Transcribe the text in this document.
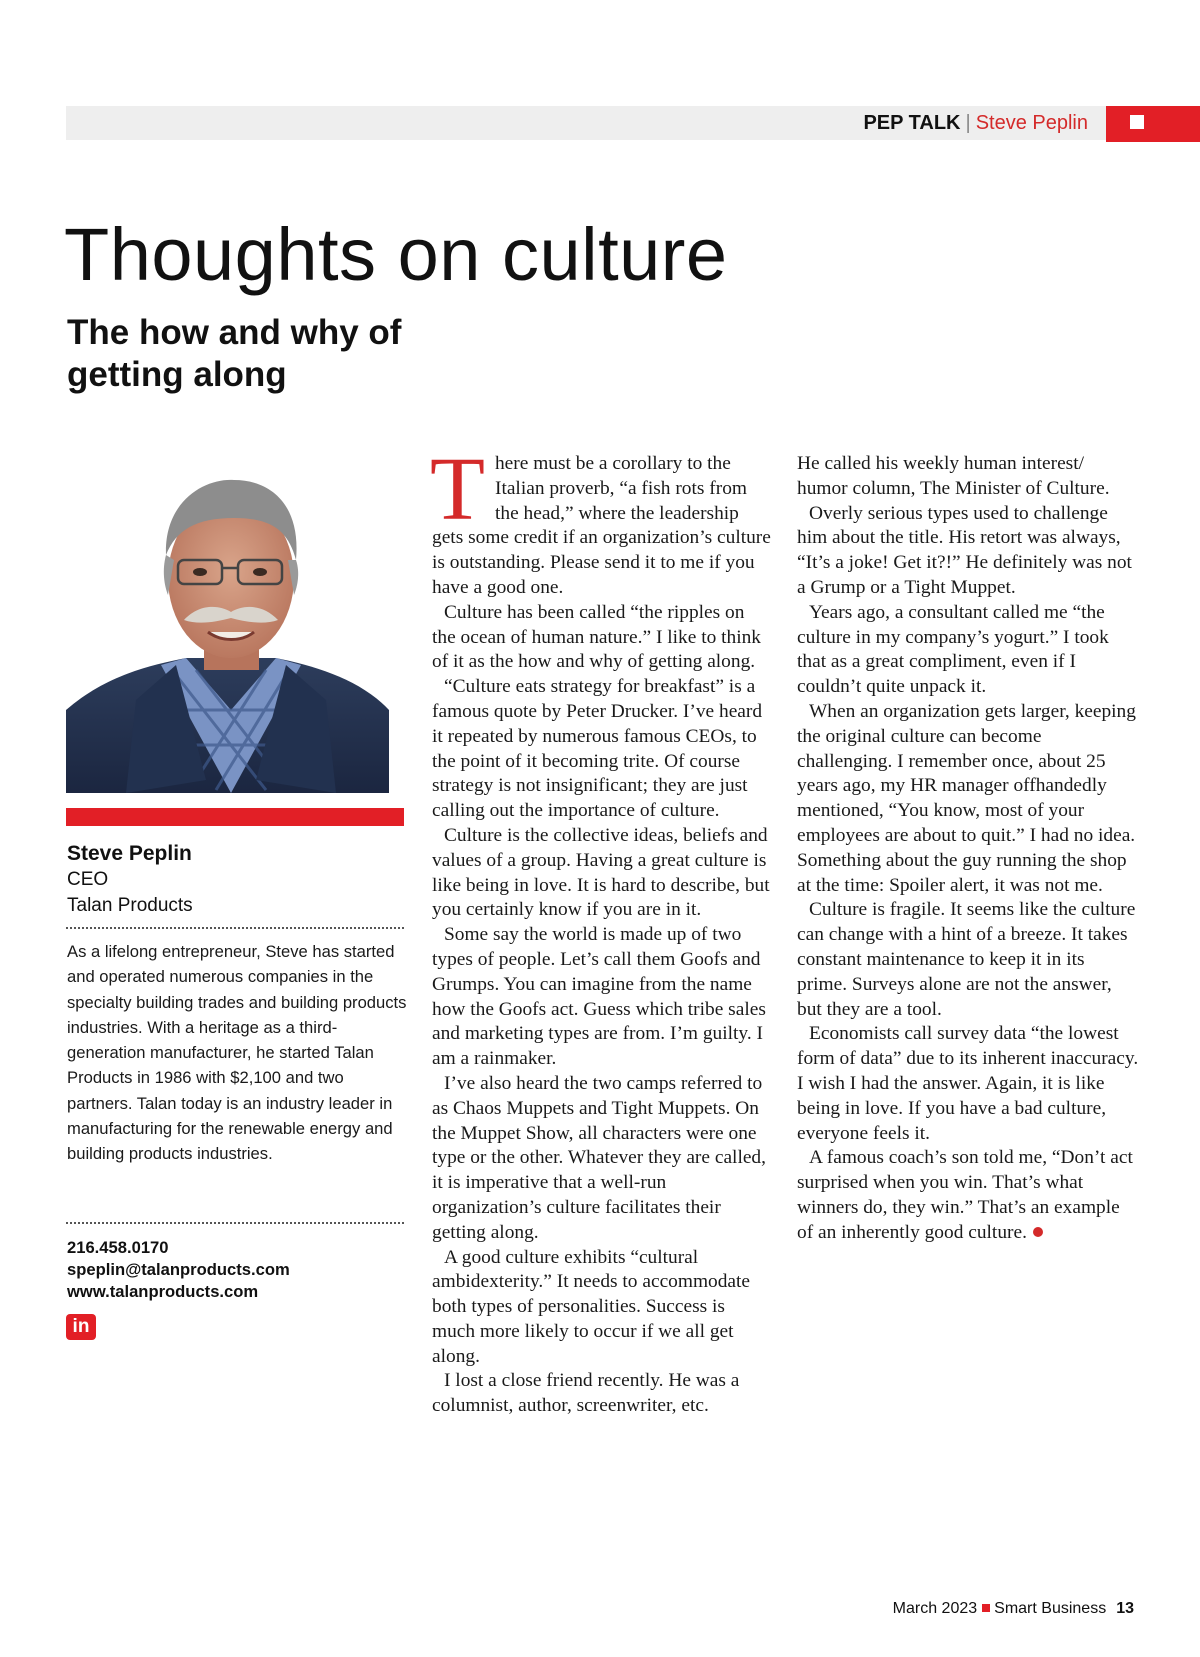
PEP TALK | Steve Peplin
Thoughts on culture
The how and why of getting along
Steve Peplin
CEO
Talan Products

As a lifelong entrepreneur, Steve has started and operated numerous companies in the specialty building trades and building products industries. With a heritage as a third-generation manufacturer, he started Talan Products in 1986 with $2,100 and two partners. Talan today is an industry leader in manufacturing for the renewable energy and building products industries.

216.458.0170
speplin@talanproducts.com
www.talanproducts.com
in
T here must be a corollary to the Italian proverb, “a fish rots from the head,” where the leadership gets some credit if an organization’s culture is outstanding. Please send it to me if you have a good one.

Culture has been called “the ripples on the ocean of human nature.” I like to think of it as the how and why of getting along.

“Culture eats strategy for breakfast” is a famous quote by Peter Drucker. I’ve heard it repeated by numerous famous CEOs, to the point of it becoming trite. Of course strategy is not insignificant; they are just calling out the importance of culture.

Culture is the collective ideas, beliefs and values of a group. Having a great culture is like being in love. It is hard to describe, but you certainly know if you are in it.

Some say the world is made up of two types of people. Let’s call them Goofs and Grumps. You can imagine from the name how the Goofs act. Guess which tribe sales and marketing types are from. I’m guilty. I am a rainmaker.

I’ve also heard the two camps referred to as Chaos Muppets and Tight Muppets. On the Muppet Show, all characters were one type or the other. Whatever they are called, it is imperative that a well-run organization’s culture facilitates their getting along.

A good culture exhibits “cultural ambidexterity.” It needs to accommodate both types of personalities. Success is much more likely to occur if we all get along.

I lost a close friend recently. He was a columnist, author, screenwriter, etc.

He called his weekly human interest/ humor column, The Minister of Culture.

Overly serious types used to challenge him about the title. His retort was always, “It’s a joke! Get it?!” He definitely was not a Grump or a Tight Muppet.

Years ago, a consultant called me “the culture in my company’s yogurt.” I took that as a great compliment, even if I couldn’t quite unpack it.

When an organization gets larger, keeping the original culture can become challenging. I remember once, about 25 years ago, my HR manager offhandedly mentioned, “You know, most of your employees are about to quit.” I had no idea. Something about the guy running the shop at the time: Spoiler alert, it was not me.

Culture is fragile. It seems like the culture can change with a hint of a breeze. It takes constant maintenance to keep it in its prime. Surveys alone are not the answer, but they are a tool.

Economists call survey data “the lowest form of data” due to its inherent inaccuracy. I wish I had the answer. Again, it is like being in love. If you have a bad culture, everyone feels it.

A famous coach’s son told me, “Don’t act surprised when you win. That’s what winners do, they win.” That’s an example of an inherently good culture.

March 2023 Smart Business 13
